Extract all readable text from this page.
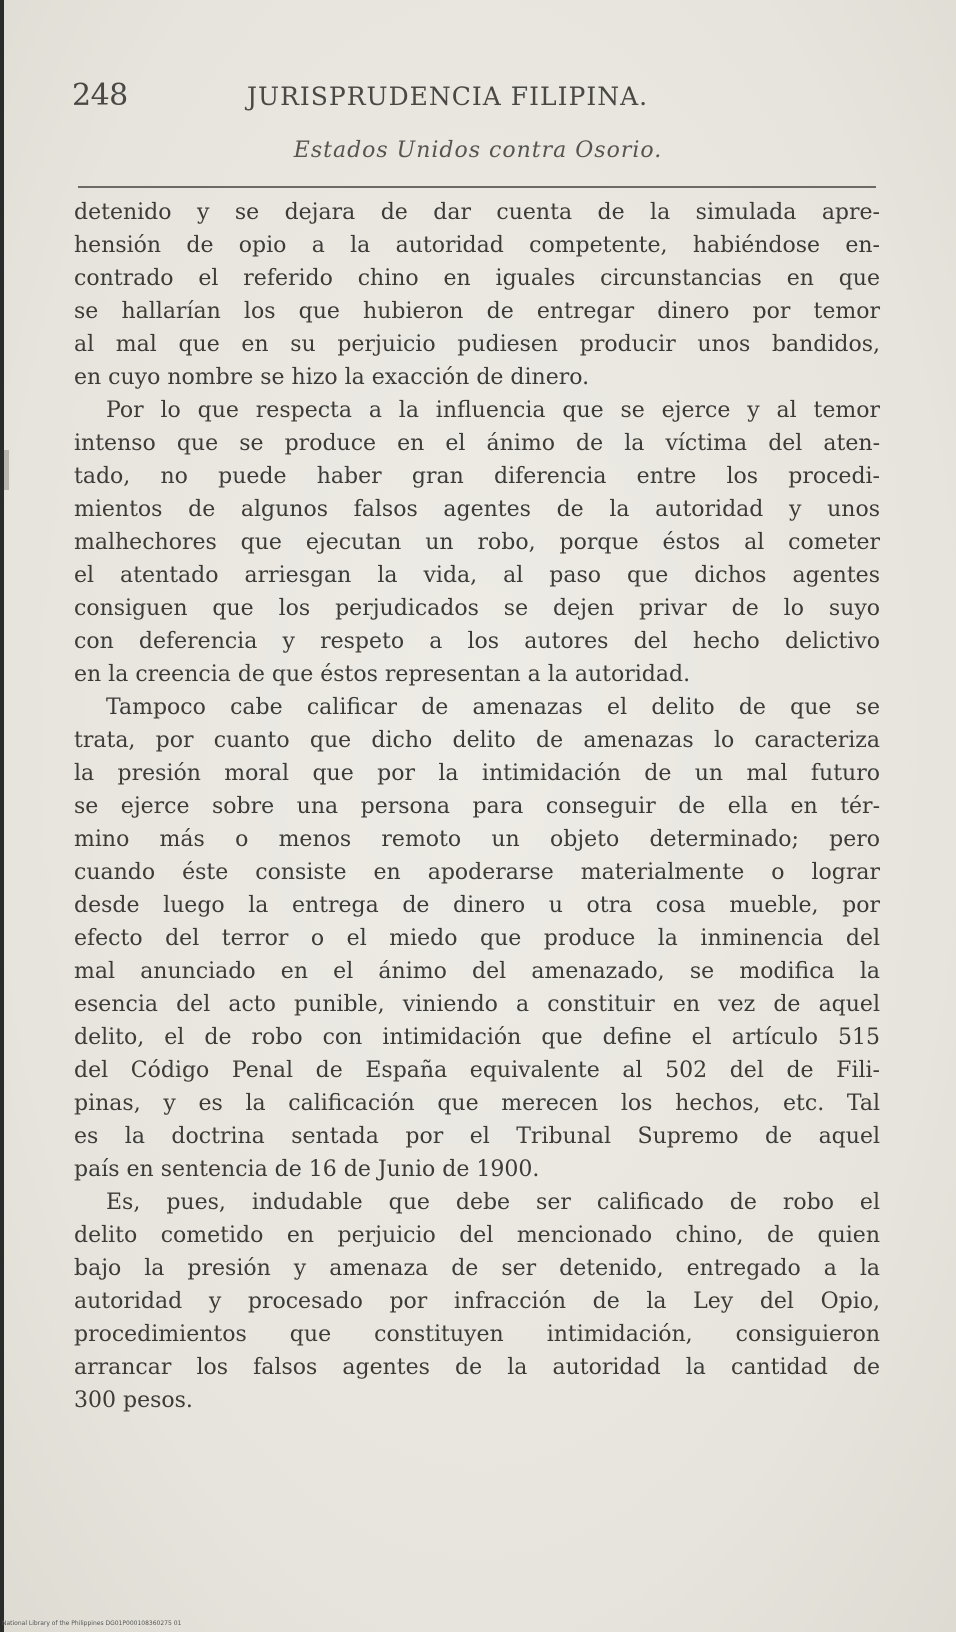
248	JURISPRUDENCIA FILIPINA.
Estados Unidos contra Osorio.
detenido y se dejara de dar cuenta de la simulada apre-
hensión de opio a la autoridad competente, habiéndose en-
contrado el referido chino en iguales circunstancias en que
se hallarían los que hubieron de entregar dinero por temor
al mal que en su perjuicio pudiesen producir unos bandidos,
en cuyo nombre se hizo la exacción de dinero.
Por lo que respecta a la influencia que se ejerce y al temor
intenso que se produce en el ánimo de la víctima del aten-
tado, no puede haber gran diferencia entre los procedi-
mientos de algunos falsos agentes de la autoridad y unos
malhechores que ejecutan un robo, porque éstos al cometer
el atentado arriesgan la vida, al paso que dichos agentes
consiguen que los perjudicados se dejen privar de lo suyo
con deferencia y respeto a los autores del hecho delictivo
en la creencia de que éstos representan a la autoridad.
Tampoco cabe calificar de amenazas el delito de que se
trata, por cuanto que dicho delito de amenazas lo caracteriza
la presión moral que por la intimidación de un mal futuro
se ejerce sobre una persona para conseguir de ella en tér-
mino más o menos remoto un objeto determinado; pero
cuando éste consiste en apoderarse materialmente o lograr
desde luego la entrega de dinero u otra cosa mueble, por
efecto del terror o el miedo que produce la inminencia del
mal anunciado en el ánimo del amenazado, se modifica la
esencia del acto punible, viniendo a constituir en vez de aquel
delito, el de robo con intimidación que define el artículo 515
del Código Penal de España equivalente al 502 del de Fili-
pinas, y es la calificación que merecen los hechos, etc. Tal
es la doctrina sentada por el Tribunal Supremo de aquel
país en sentencia de 16 de Junio de 1900.
Es, pues, indudable que debe ser calificado de robo el
delito cometido en perjuicio del mencionado chino, de quien
bajo la presión y amenaza de ser detenido, entregado a la
autoridad y procesado por infracción de la Ley del Opio,
procedimientos que constituyen intimidación, consiguieron
arrancar los falsos agentes de la autoridad la cantidad de
300 pesos.
National Library of the Philippines DG01P000108360275 01
